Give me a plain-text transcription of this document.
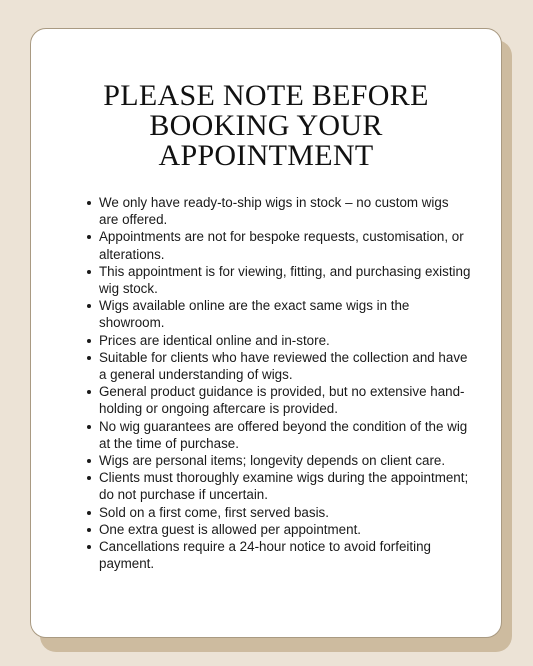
PLEASE NOTE BEFORE
BOOKING YOUR
APPOINTMENT
We only have ready-to-ship wigs in stock – no custom wigs are offered.
Appointments are not for bespoke requests, customisation, or alterations.
This appointment is for viewing, fitting, and purchasing existing wig stock.
Wigs available online are the exact same wigs in the showroom.
Prices are identical online and in-store.
Suitable for clients who have reviewed the collection and have a general understanding of wigs.
General product guidance is provided, but no extensive hand-holding or ongoing aftercare is provided.
No wig guarantees are offered beyond the condition of the wig at the time of purchase.
Wigs are personal items; longevity depends on client care.
Clients must thoroughly examine wigs during the appointment; do not purchase if uncertain.
Sold on a first come, first served basis.
One extra guest is allowed per appointment.
Cancellations require a 24-hour notice to avoid forfeiting payment.
